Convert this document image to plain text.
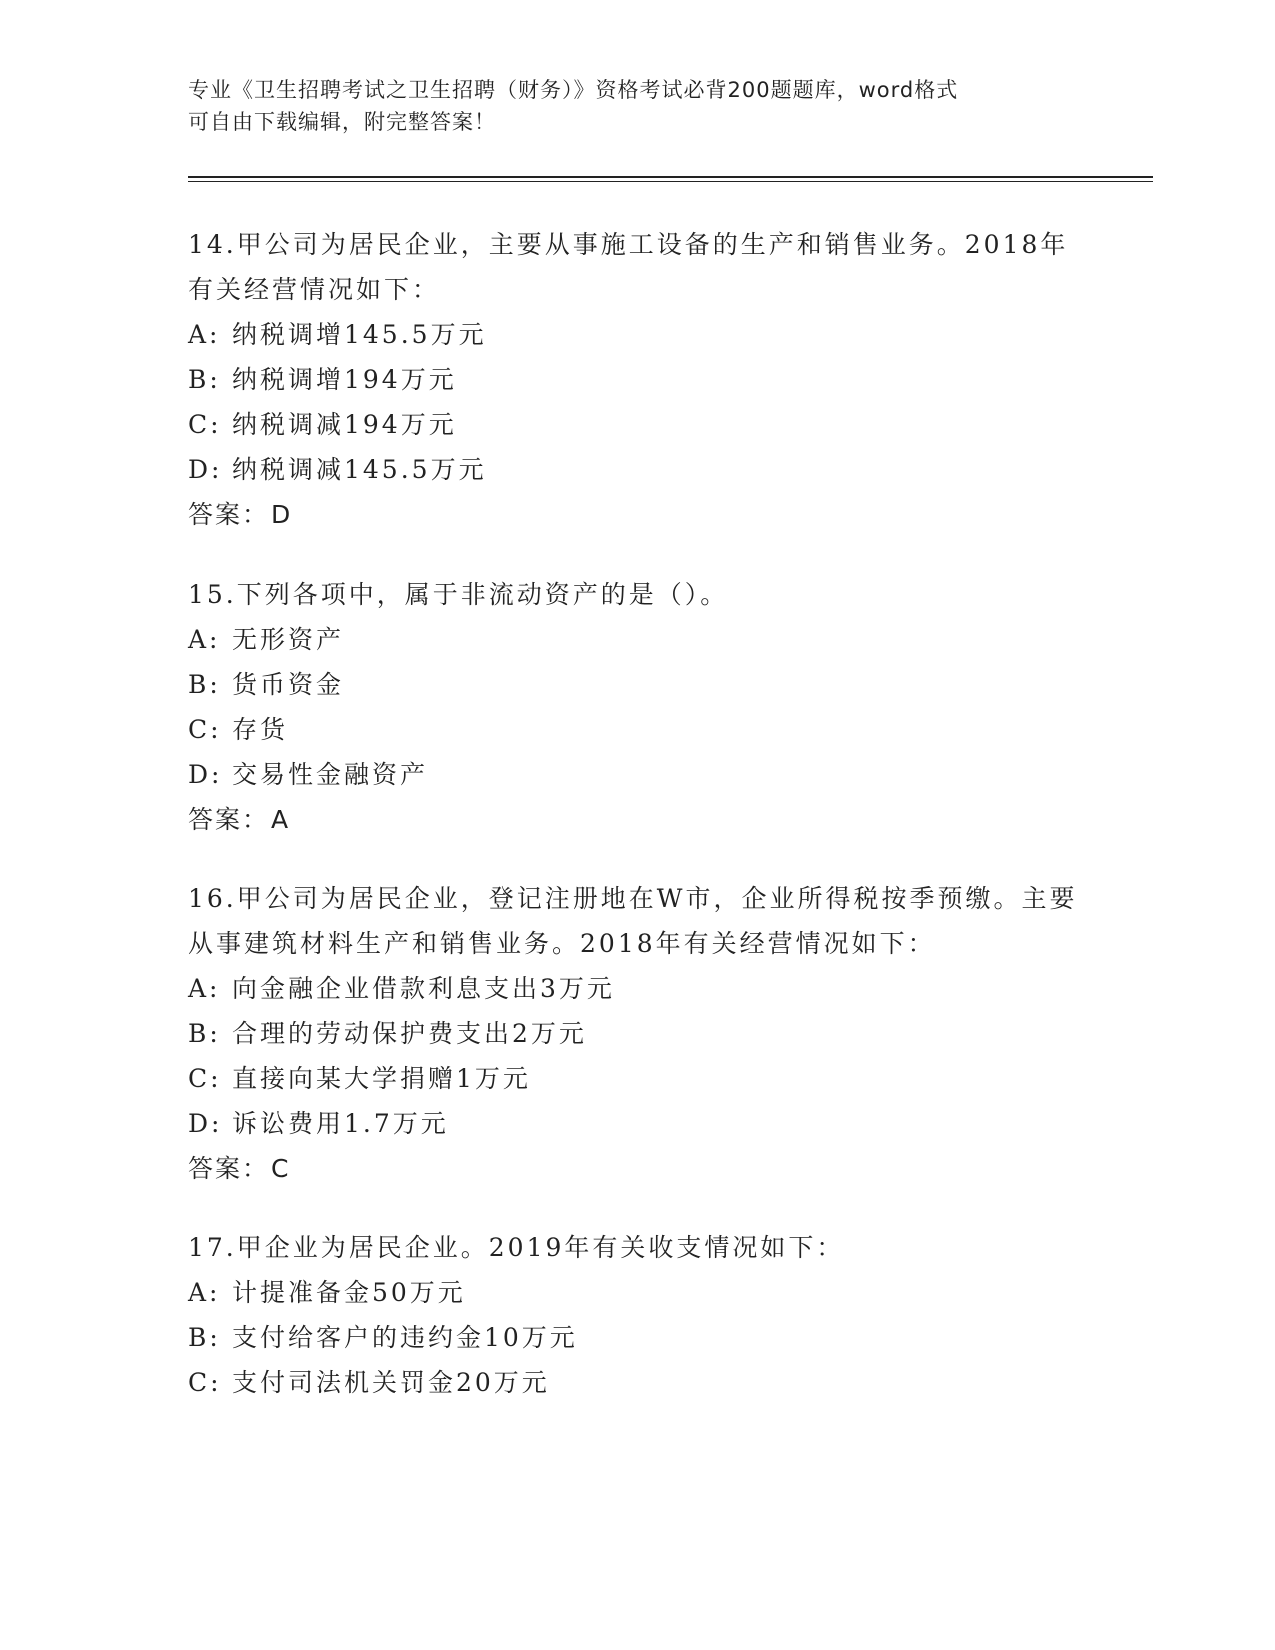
专业《卫生招聘考试之卫生招聘（财务）》资格考试必背200题题库，word格式
可自由下载编辑，附完整答案！
14.甲公司为居民企业，主要从事施工设备的生产和销售业务。2018年有关经营情况如下：
A: 纳税调增145.5万元
B: 纳税调增194万元
C: 纳税调减194万元
D: 纳税调减145.5万元
答案：D
15.下列各项中，属于非流动资产的是（）。
A: 无形资产
B: 货币资金
C: 存货
D: 交易性金融资产
答案：A
16.甲公司为居民企业，登记注册地在W市，企业所得税按季预缴。主要从事建筑材料生产和销售业务。2018年有关经营情况如下：
A: 向金融企业借款利息支出3万元
B: 合理的劳动保护费支出2万元
C: 直接向某大学捐赠1万元
D: 诉讼费用1.7万元
答案：C
17.甲企业为居民企业。2019年有关收支情况如下：
A: 计提准备金50万元
B: 支付给客户的违约金10万元
C: 支付司法机关罚金20万元
